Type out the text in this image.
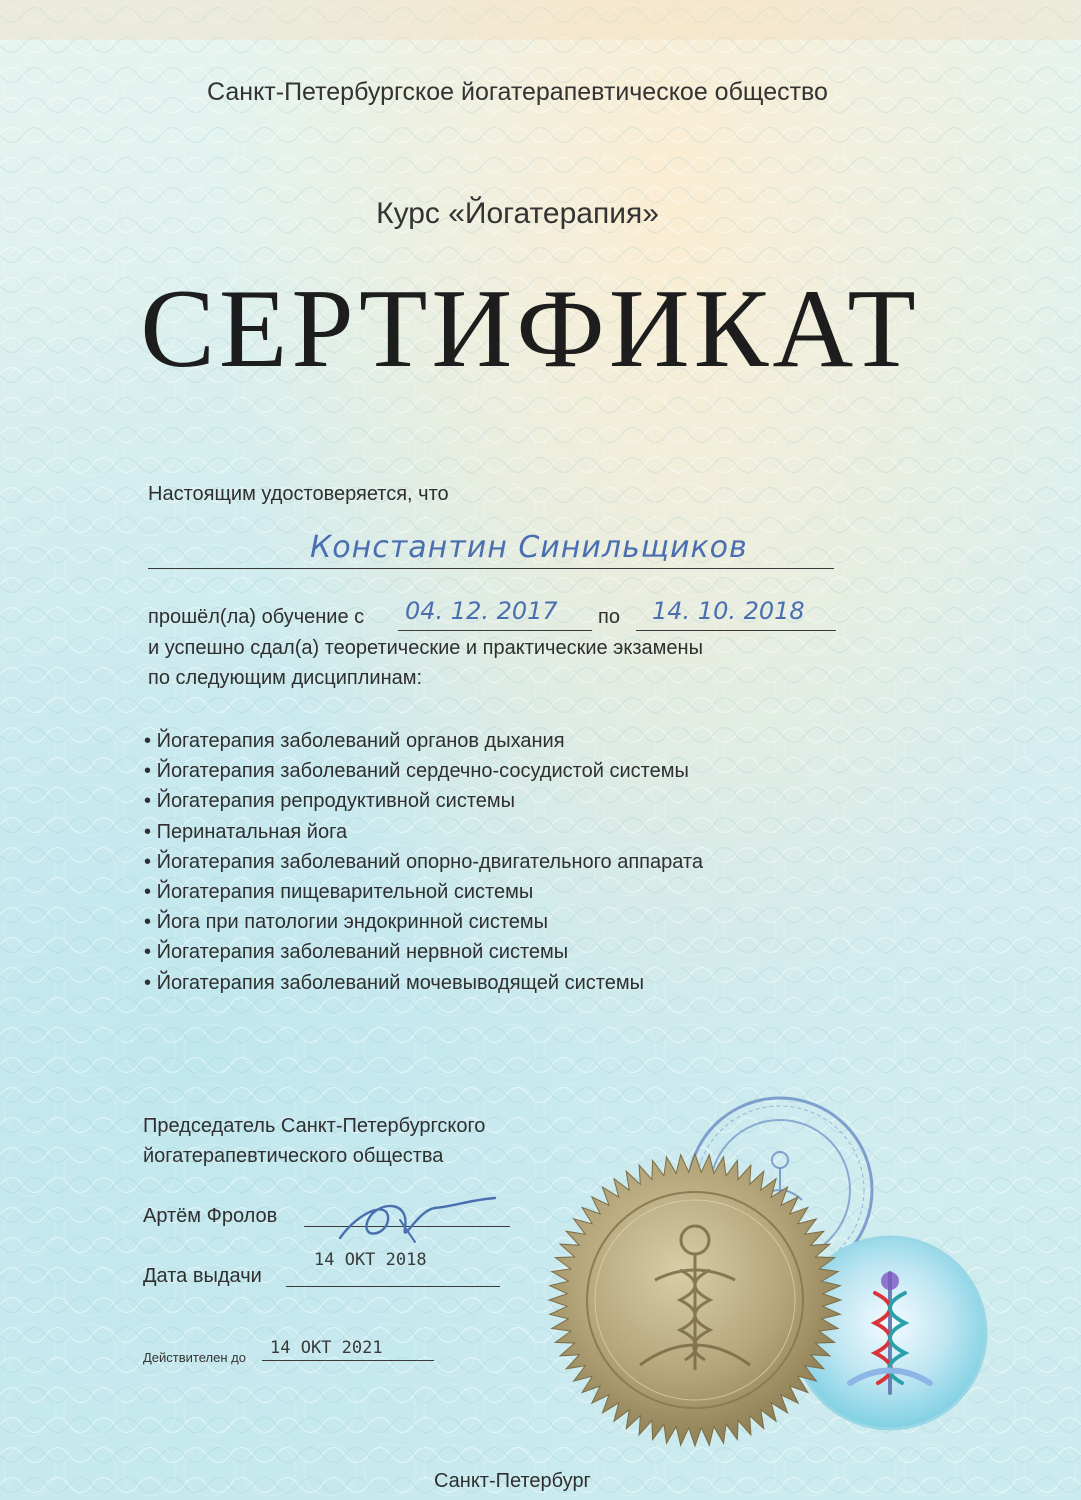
Санкт-Петербургское йогатерапевтическое общество
Курс «Йогатерапия»
СЕРТИФИКАТ
Настоящим удостоверяется, что
Константин Синильщиков
прошёл(ла) обучение с 04. 12. 2017 по 14. 10. 2018
и успешно сдал(а) теоретические и практические экзамены
по следующим дисциплинам:
• Йогатерапия заболеваний органов дыхания
• Йогатерапия заболеваний сердечно-сосудистой системы
• Йогатерапия репродуктивной системы
• Перинатальная йога
• Йогатерапия заболеваний опорно-двигательного аппарата
• Йогатерапия пищеварительной системы
• Йога при патологии эндокринной системы
• Йогатерапия заболеваний нервной системы
• Йогатерапия заболеваний мочевыводящей системы
Председатель Санкт-Петербургского
йогатерапевтического общества
Артём Фролов
Дата выдачи
14 ОКТ 2018
Действителен до 14 ОКТ 2021
Санкт-Петербург
